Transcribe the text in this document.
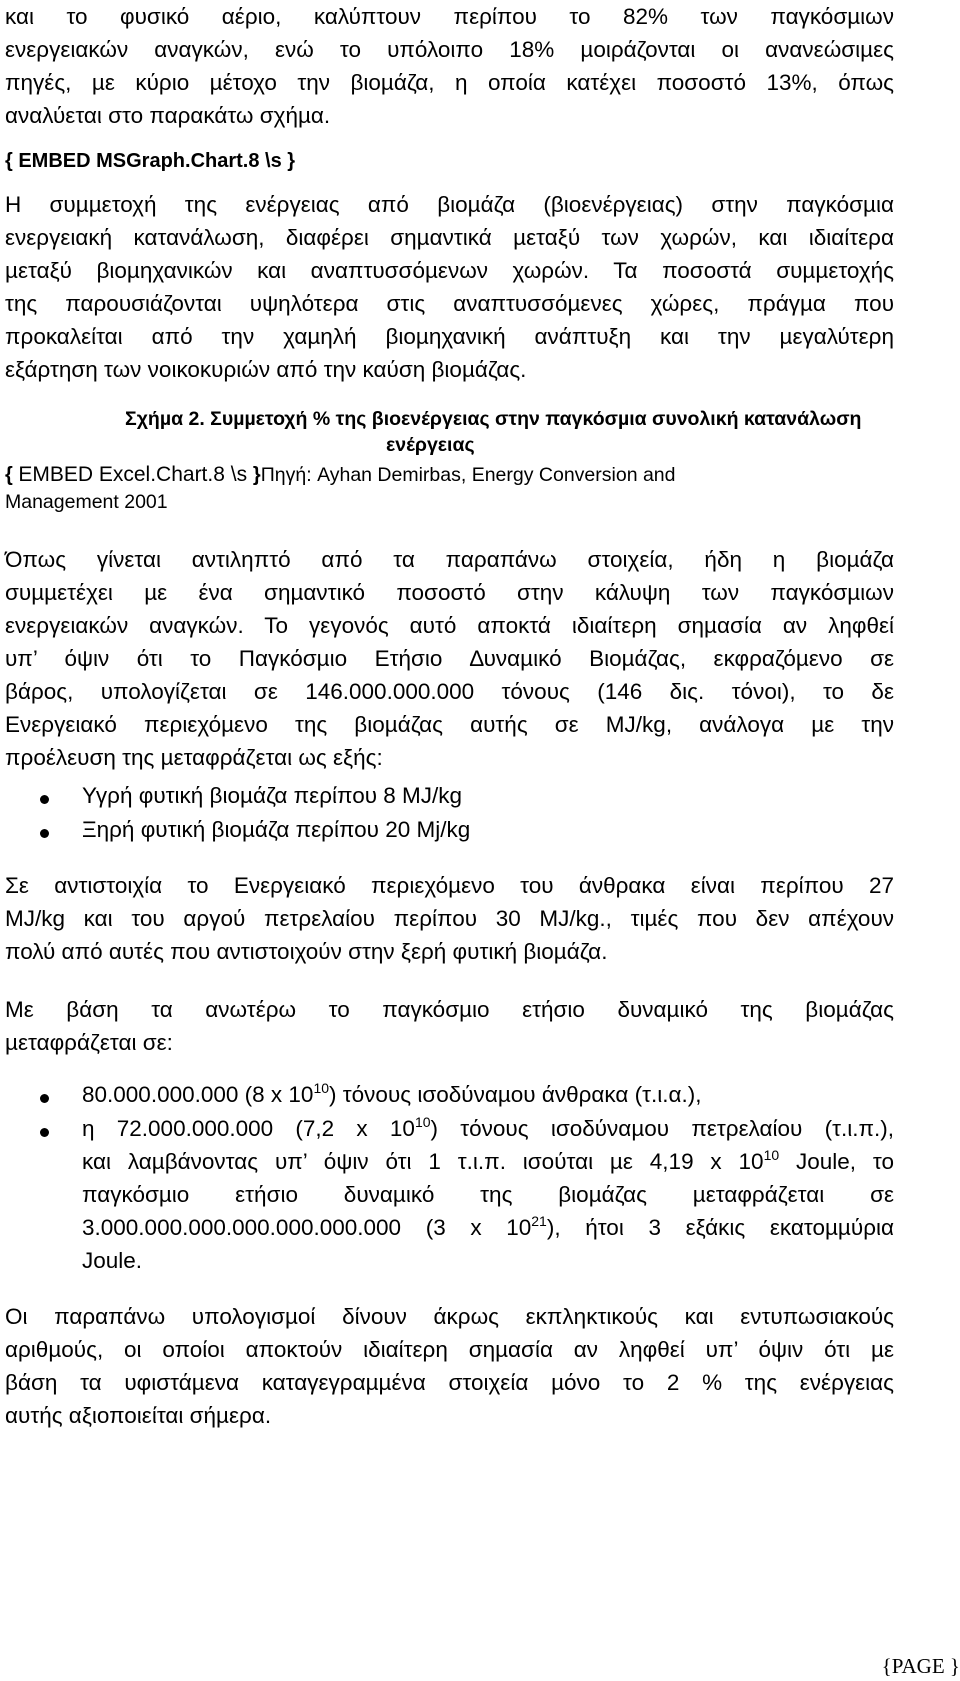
και το φυσικό αέριο, καλύπτουν περίπου το 82% των παγκόσµιων
ενεργειακών αναγκών, ενώ το υπόλοιπο 18% µοιράζονται οι ανανεώσιµες
πηγές, µε κύριο µέτοχο την βιοµάζα, η οποία κατέχει ποσοστό 13%, όπως
αναλύεται στο παρακάτω σχήµα.
{ EMBED MSGraph.Chart.8 \s }
Η συµµετοχή της ενέργειας από βιοµάζα (βιοενέργειας) στην παγκόσµια
ενεργειακή κατανάλωση, διαφέρει σηµαντικά µεταξύ των χωρών, και ιδιαίτερα
µεταξύ βιοµηχανικών και αναπτυσσόµενων χωρών. Τα ποσοστά συµµετοχής
της παρουσιάζονται υψηλότερα στις αναπτυσσόµενες χώρες, πράγµα που
προκαλείται από την χαµηλή βιοµηχανική ανάπτυξη και την µεγαλύτερη
εξάρτηση των νοικοκυριών από την καύση βιοµάζας.
Σχήµα 2. Συµµετοχή % της βιοενέργειας στην παγκόσµια συνολική κατανάλωση
ενέργειας
{ EMBED Excel.Chart.8 \s }Πηγή: Ayhan Demirbas, Energy Conversion and
Management 2001
Όπως γίνεται αντιληπτό από τα παραπάνω στοιχεία, ήδη η βιοµάζα
συµµετέχει µε ένα σηµαντικό ποσοστό στην κάλυψη των παγκόσµιων
ενεργειακών αναγκών. Το γεγονός αυτό αποκτά ιδιαίτερη σηµασία αν ληφθεί
υπ’ όψιν ότι το Παγκόσµιο Ετήσιο ∆υναµικό Βιοµάζας, εκφραζόµενο σε
βάρος, υπολογίζεται σε 146.000.000.000 τόνους (146 δις. τόνοι), το δε
Ενεργειακό περιεχόµενο της βιοµάζας αυτής σε MJ/kg, ανάλογα µε την
προέλευση της µεταφράζεται ως εξής:
Υγρή φυτική βιοµάζα περίπου 8 MJ/kg
Ξηρή φυτική βιοµάζα περίπου 20 Mj/kg
Σε αντιστοιχία το Ενεργειακό περιεχόµενο του άνθρακα είναι περίπου 27
MJ/kg και του αργού πετρελαίου περίπου 30 MJ/kg., τιµές που δεν απέχουν
πολύ από αυτές που αντιστοιχούν στην ξερή φυτική βιοµάζα.
Με βάση τα ανωτέρω το παγκόσµιο ετήσιο δυναµικό της βιοµάζας
µεταφράζεται σε:
80.000.000.000 (8 x $10^{10}$) τόνους ισοδύναµου άνθρακα (τ.ι.α.),
η 72.000.000.000 (7,2 x $10^{10}$) τόνους ισοδύναµου πετρελαίου (τ.ι.π.),
και λαµβάνοντας υπ’ όψιν ότι 1 τ.ι.π. ισούται µε 4,19 x $10^{10}$ Joule, το
παγκόσµιο ετήσιο δυναµικό της βιοµάζας µεταφράζεται σε
3.000.000.000.000.000.000.000 (3 x $10^{21}$), ήτοι 3 εξάκις εκατοµµύρια
Joule.
Οι παραπάνω υπολογισµοί δίνουν άκρως εκπληκτικούς και εντυπωσιακούς
αριθµούς, οι οποίοι αποκτούν ιδιαίτερη σηµασία αν ληφθεί υπ’ όψιν ότι µε
βάση τα υφιστάµενα καταγεγραµµένα στοιχεία µόνο το 2 % της ενέργειας
αυτής αξιοποιείται σήµερα.
{PAGE }
